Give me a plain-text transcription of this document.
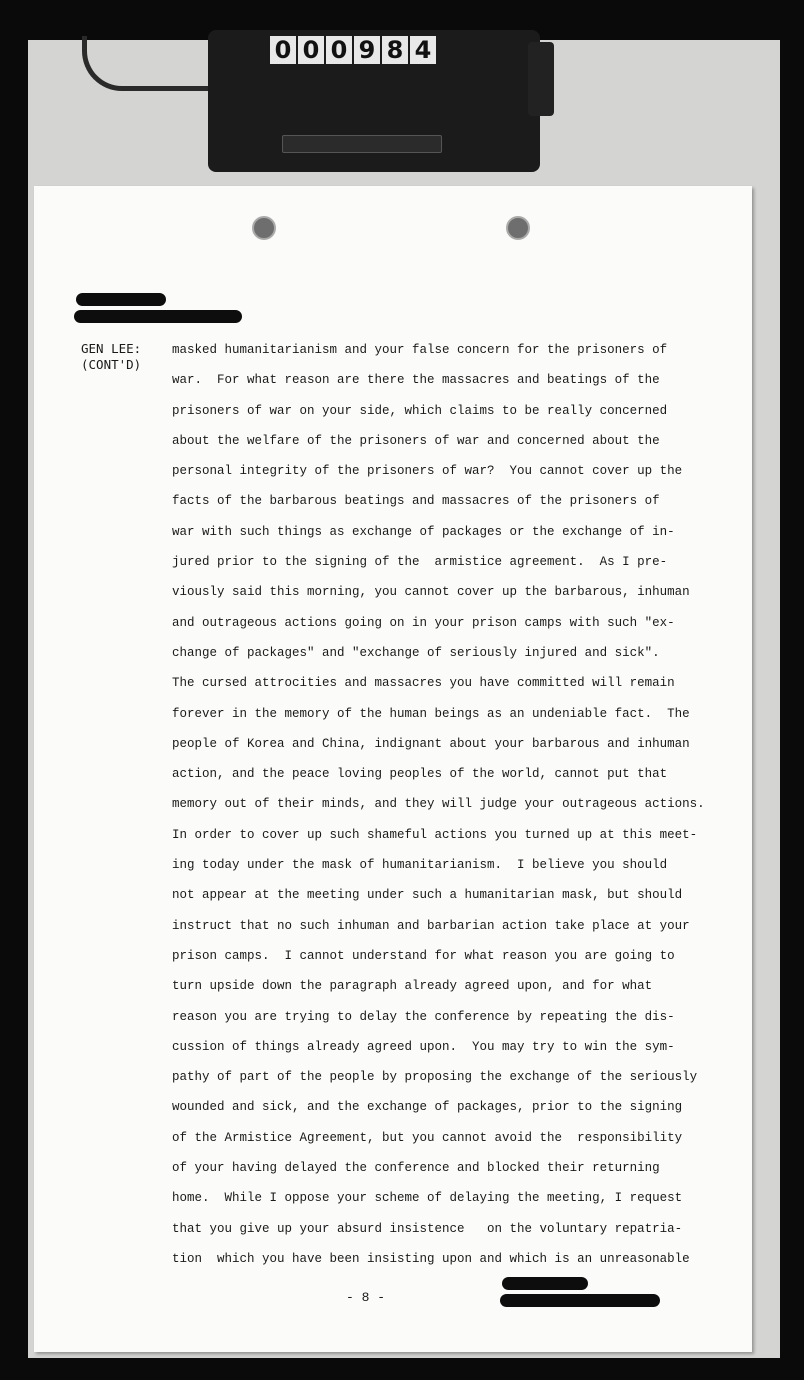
0 0 0 9 8 4
GEN LEE:
(CONT'D)
masked humanitarianism and your false concern for the prisoners of
war.  For what reason are there the massacres and beatings of the
prisoners of war on your side, which claims to be really concerned
about the welfare of the prisoners of war and concerned about the
personal integrity of the prisoners of war?  You cannot cover up the
facts of the barbarous beatings and massacres of the prisoners of
war with such things as exchange of packages or the exchange of in-
jured prior to the signing of the  armistice agreement.  As I pre-
viously said this morning, you cannot cover up the barbarous, inhuman
and outrageous actions going on in your prison camps with such "ex-
change of packages" and "exchange of seriously injured and sick".
The cursed attrocities and massacres you have committed will remain
forever in the memory of the human beings as an undeniable fact.  The
people of Korea and China, indignant about your barbarous and inhuman
action, and the peace loving peoples of the world, cannot put that
memory out of their minds, and they will judge your outrageous actions.
In order to cover up such shameful actions you turned up at this meet-
ing today under the mask of humanitarianism.  I believe you should
not appear at the meeting under such a humanitarian mask, but should
instruct that no such inhuman and barbarian action take place at your
prison camps.  I cannot understand for what reason you are going to
turn upside down the paragraph already agreed upon, and for what
reason you are trying to delay the conference by repeating the dis-
cussion of things already agreed upon.  You may try to win the sym-
pathy of part of the people by proposing the exchange of the seriously
wounded and sick, and the exchange of packages, prior to the signing
of the Armistice Agreement, but you cannot avoid the  responsibility
of your having delayed the conference and blocked their returning
home.  While I oppose your scheme of delaying the meeting, I request
that you give up your absurd insistence   on the voluntary repatria-
tion  which you have been insisting upon and which is an unreasonable
- 8 -
